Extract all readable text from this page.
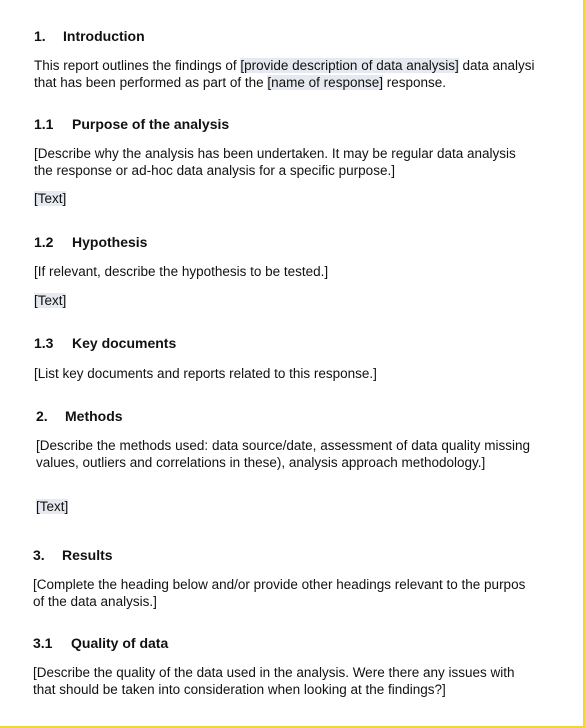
1. Introduction
This report outlines the findings of [provide description of data analysis] data analysi
that has been performed as part of the [name of response] response.
1.1 Purpose of the analysis
[Describe why the analysis has been undertaken. It may be regular data analysis
the response or ad-hoc data analysis for a specific purpose.]
[Text]
1.2 Hypothesis
[If relevant, describe the hypothesis to be tested.]
[Text]
1.3 Key documents
[List key documents and reports related to this response.]
2. Methods
[Describe the methods used: data source/date, assessment of data quality missing values, outliers and correlations in these), analysis approach methodology.]
[Text]
3. Results
[Complete the heading below and/or provide other headings relevant to the purpos
of the data analysis.]
3.1 Quality of data
[Describe the quality of the data used in the analysis. Were there any issues with
that should be taken into consideration when looking at the findings?]
